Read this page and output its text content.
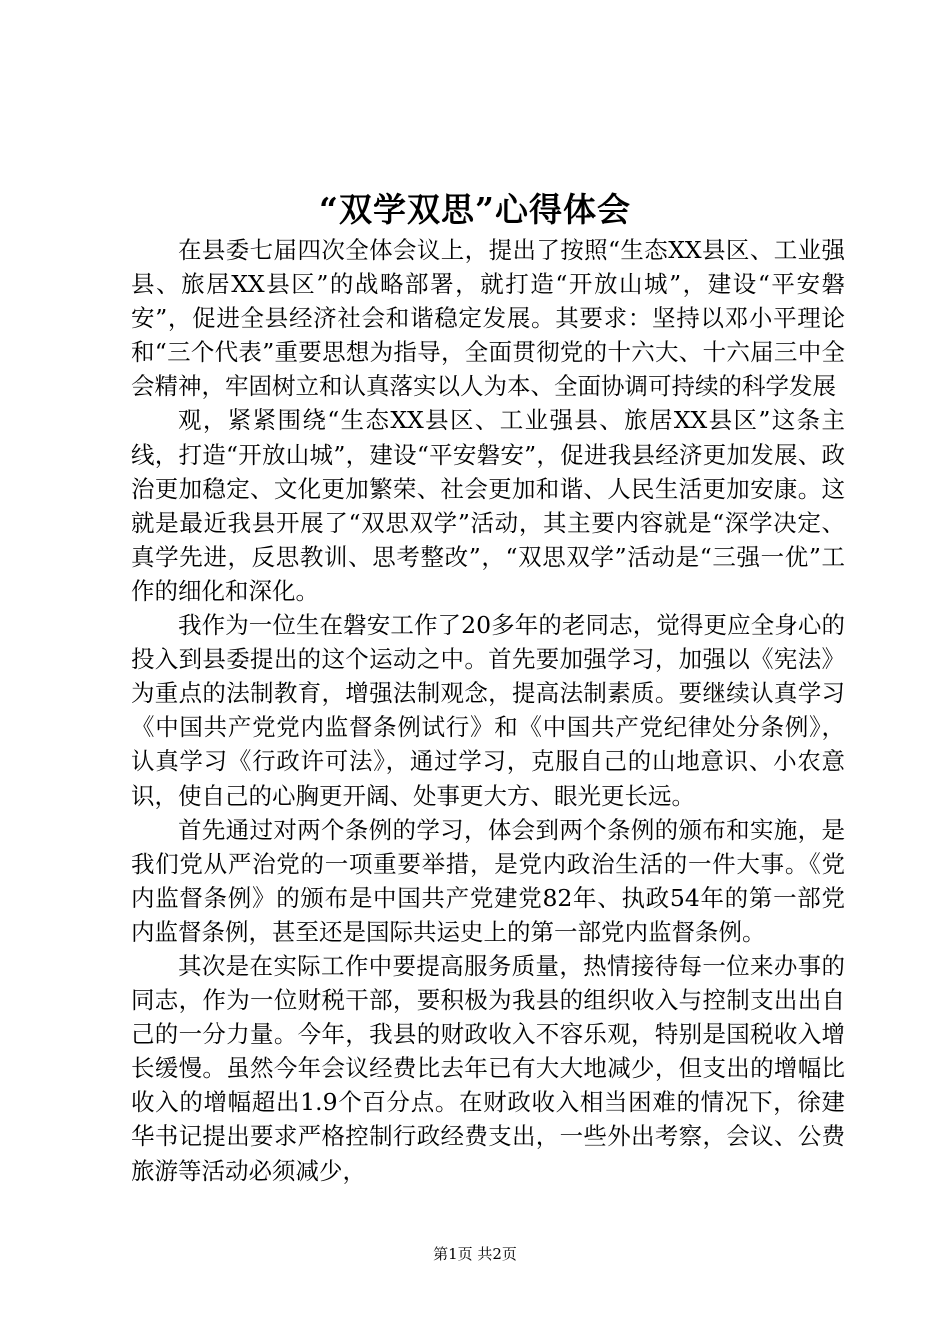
“双学双思”心得体会

在县委七届四次全体会议上，提出了按照“生态XX县区、工业强县、旅居XX县区”的战略部署，就打造“开放山城”，建设“平安磐安”，促进全县经济社会和谐稳定发展。其要求：坚持以邓小平理论和“三个代表”重要思想为指导，全面贯彻党的十六大、十六届三中全会精神，牢固树立和认真落实以人为本、全面协调可持续的科学发展

观，紧紧围绕“生态XX县区、工业强县、旅居XX县区”这条主线，打造“开放山城”，建设“平安磐安”，促进我县经济更加发展、政治更加稳定、文化更加繁荣、社会更加和谐、人民生活更加安康。这就是最近我县开展了“双思双学”活动，其主要内容就是“深学决定、真学先进，反思教训、思考整改”，“双思双学”活动是“三强一优”工作的细化和深化。

我作为一位生在磐安工作了20多年的老同志，觉得更应全身心的投入到县委提出的这个运动之中。首先要加强学习，加强以《宪法》为重点的法制教育，增强法制观念，提高法制素质。要继续认真学习《中国共产党党内监督条例试行》和《中国共产党纪律处分条例》，认真学习《行政许可法》，通过学习，克服自己的山地意识、小农意识，使自己的心胸更开阔、处事更大方、眼光更长远。

首先通过对两个条例的学习，体会到两个条例的颁布和实施，是我们党从严治党的一项重要举措，是党内政治生活的一件大事。《党内监督条例》的颁布是中国共产党建党82年、执政54年的第一部党内监督条例，甚至还是国际共运史上的第一部党内监督条例。

其次是在实际工作中要提高服务质量，热情接待每一位来办事的同志，作为一位财税干部，要积极为我县的组织收入与控制支出出自己的一分力量。今年，我县的财政收入不容乐观，特别是国税收入增长缓慢。虽然今年会议经费比去年已有大大地减少，但支出的增幅比收入的增幅超出1.9个百分点。在财政收入相当困难的情况下，徐建华书记提出要求严格控制行政经费支出，一些外出考察，会议、公费旅游等活动必须减少，

第1页 共2页
